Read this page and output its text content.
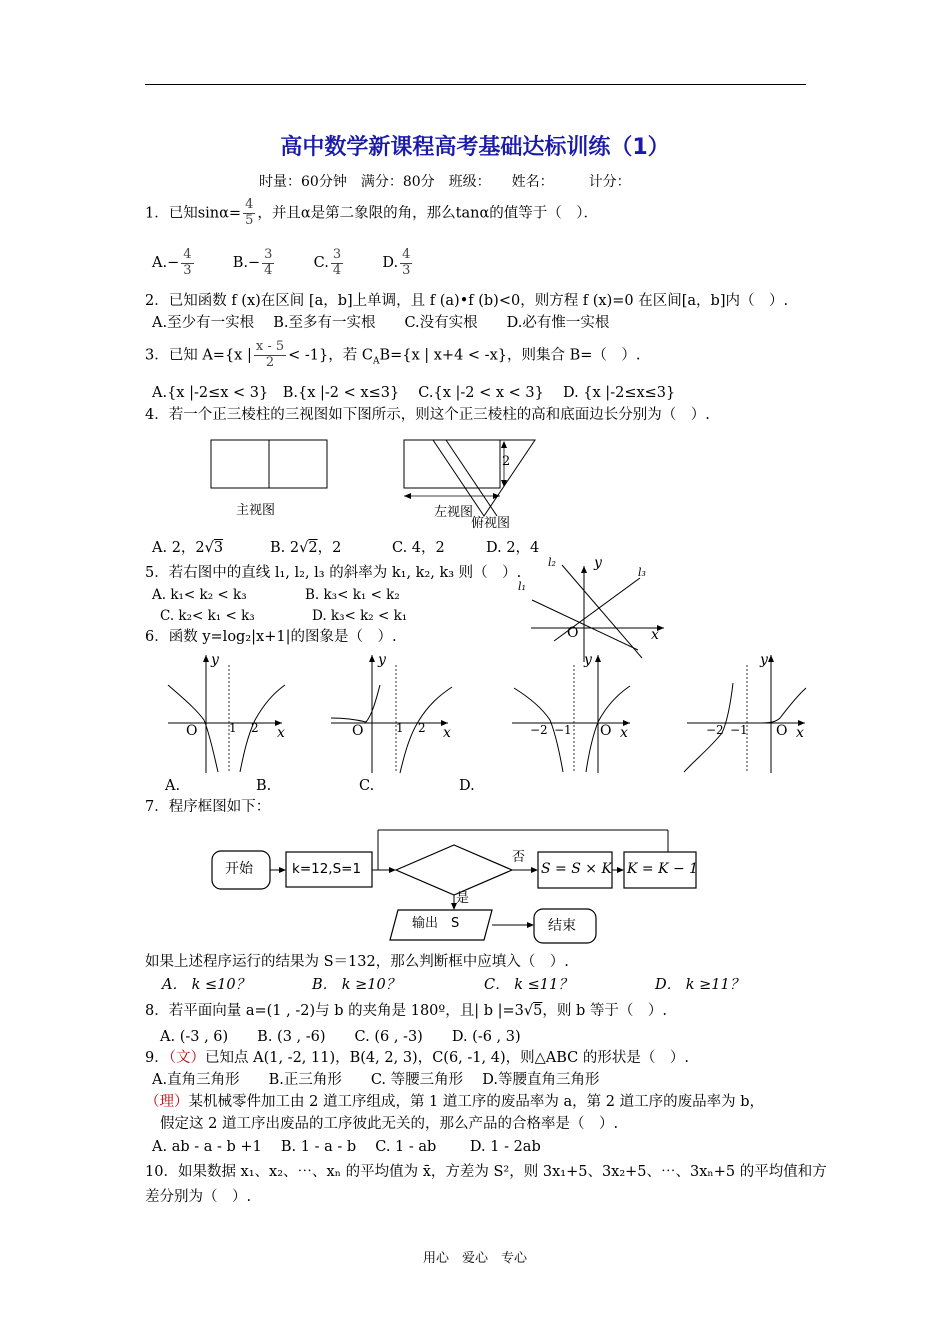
高中数学新课程高考基础达标训练（1）
时量：60分钟　满分：80分　班级：　　姓名：　　　计分：
1．已知$\sin\alpha= \frac{4}{5}$ ，并且α是第二象限的角，那么tanα的值等于（　）．
$A.- \frac{4}{3}$	$B.- \frac{3}{4}$	C. $\frac{3}{4}$	D. $\frac{4}{3}$
2．已知函数 f (x)在区间 [a，b]上单调，且 f (a)•f (b)<0，则方程 f (x)=0 在区间[a，b]内（　）.
A.至少有一实根　 B.至多有一实根　　C.没有实根　　D.必有惟一实根
3．已知 A={x | $\frac{x - 5}{2} < -1$}，若 $C_AB=\{x$ | x+4 < -x}，则集合 B=（　）.
A.{x |-2≤x < 3}　B.{x |-2 < x≤3}　 C.{x |-2 < x < 3}　 D. {x |-2≤x≤3}
4．若一个正三棱柱的三视图如下图所示，则这个正三棱柱的高和底面边长分别为（　）.
2
主视图	左视图
俯视图
A. 2，2√3	B. 2√2，2	C. 4，2	D. 2，4
5．若右图中的直线 l₁, l₂, l₃ 的斜率为 k₁, k₂, k₃ 则（　）.
A. k₁< k₂ < k₃	B. k₃< k₁ < k₂
C. k₂< k₁ < k₃	D. k₃< k₂ < k₁
y
x
O
l₁
l₂
l₃
6．函数 y=log₂|x+1|的图象是（　）.
y
x
O	1 2
y
x
O	1 2
y
x
O
−2 −1
y
x
O
−2 −1
A.	B.	C.	D.
7．程序框图如下：
开始	k=12,S=1
否
是
S = S × K K = K − 1
输出　S	结束
如果上述程序运行的结果为 S＝132，那么判断框中应填入（　）.
A． k ≤10？	B． k ≥10？	C． k ≤11？	D． k ≥11？
8．若平面向量 a=(1 , -2)与 b 的夹角是 180º，且| b |=3√5，则 b 等于（　）.
A. (-3 , 6)　　B. (3 , -6)　　C. (6 , -3)　　D. (-6 , 3)
9．（文）已知点 A(1, -2, 11)，B(4, 2, 3)，C(6, -1, 4)，则△ABC 的形状是（　）.
A.直角三角形　　B.正三角形　　C. 等腰三角形　 D.等腰直角三角形
（理）某机械零件加工由 2 道工序组成，第 1 道工序的废品率为 a，第 2 道工序的废品率为 b，
假定这 2 道工序出废品的工序彼此无关的，那么产品的合格率是（　）.
A. ab - a - b +1　 B. 1 - a - b　 C. 1 - ab　　 D. 1 - 2ab
10．如果数据 x₁、x₂、⋯、xₙ 的平均值为 x̄，方差为 S²，则 3x₁+5、3x₂+5、⋯、3xₙ+5 的平均值和方
差分别为（　）.
用心　爱心　专心
